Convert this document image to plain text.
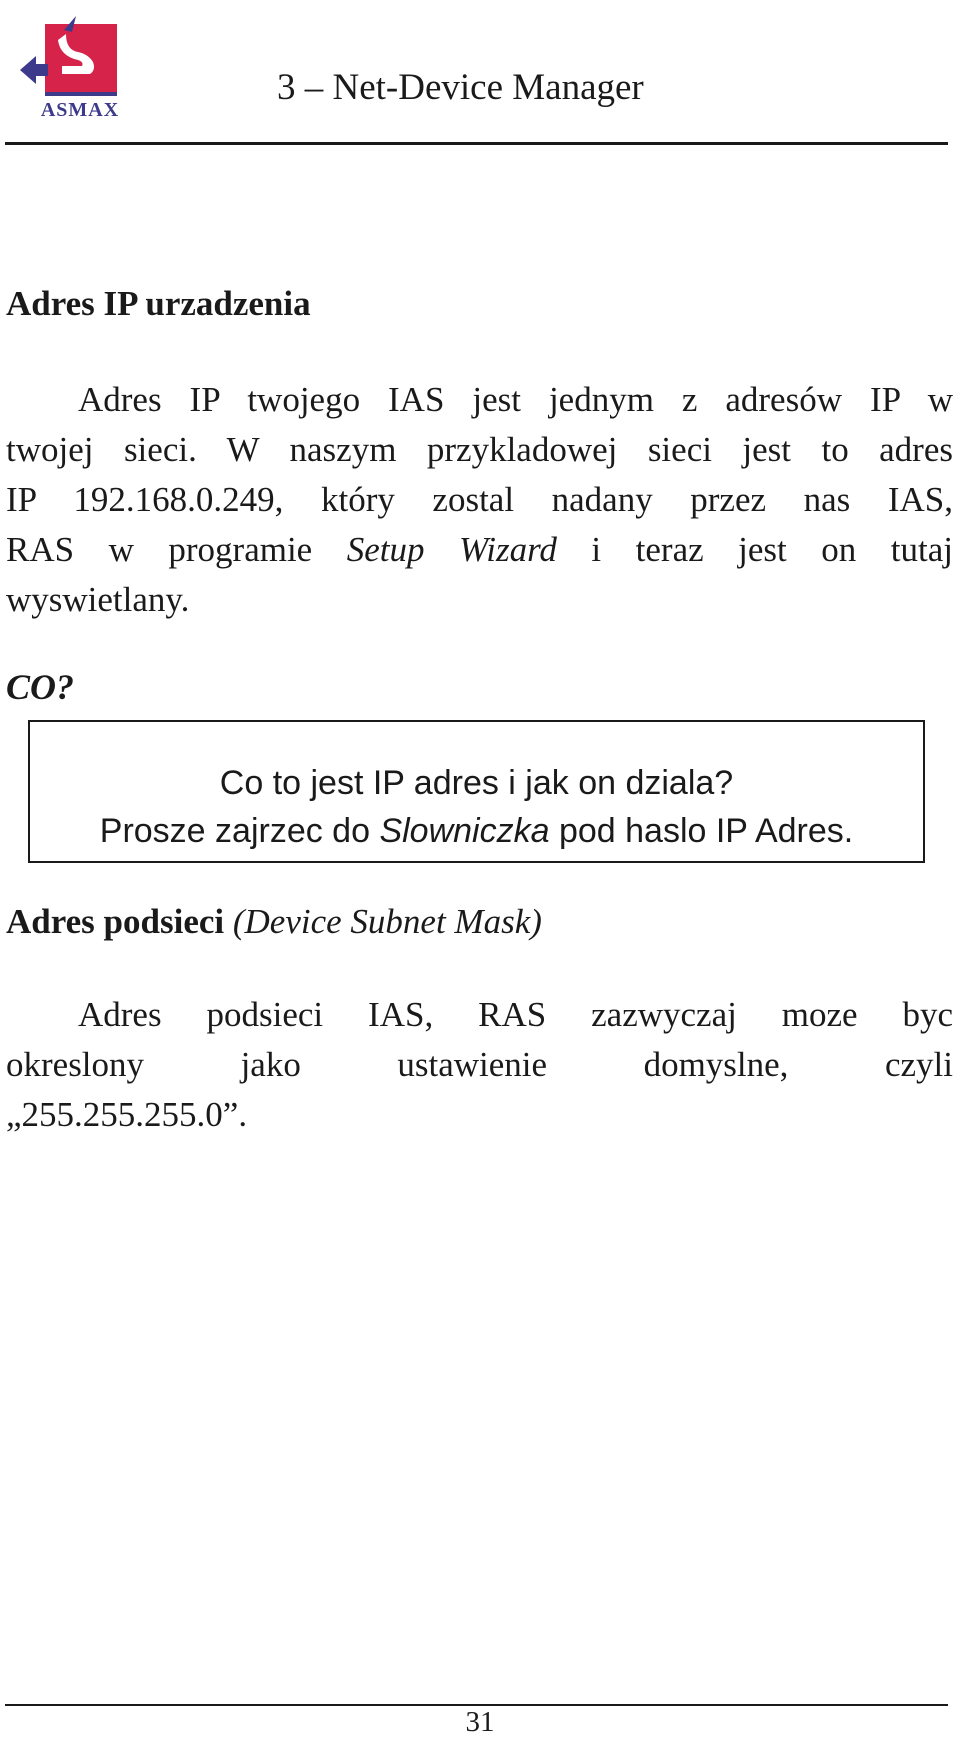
ASMAX
3 – Net-Device Manager
Adres IP urzadzenia
Adres IP twojego IAS jest jednym z adresów IP w
twojej sieci. W naszym przykladowej sieci jest to adres
IP 192.168.0.249, który zostal nadany przez nas IAS,
RAS w programie Setup Wizard i teraz jest on tutaj
wyswietlany.
CO?
Co to jest IP adres i jak on dziala?
Prosze zajrzec do Slowniczka pod haslo IP Adres.
Adres podsieci (Device Subnet Mask)
Adres podsieci IAS, RAS zazwyczaj moze byc
okreslony jako ustawienie domyslne, czyli
„255.255.255.0”.
31
